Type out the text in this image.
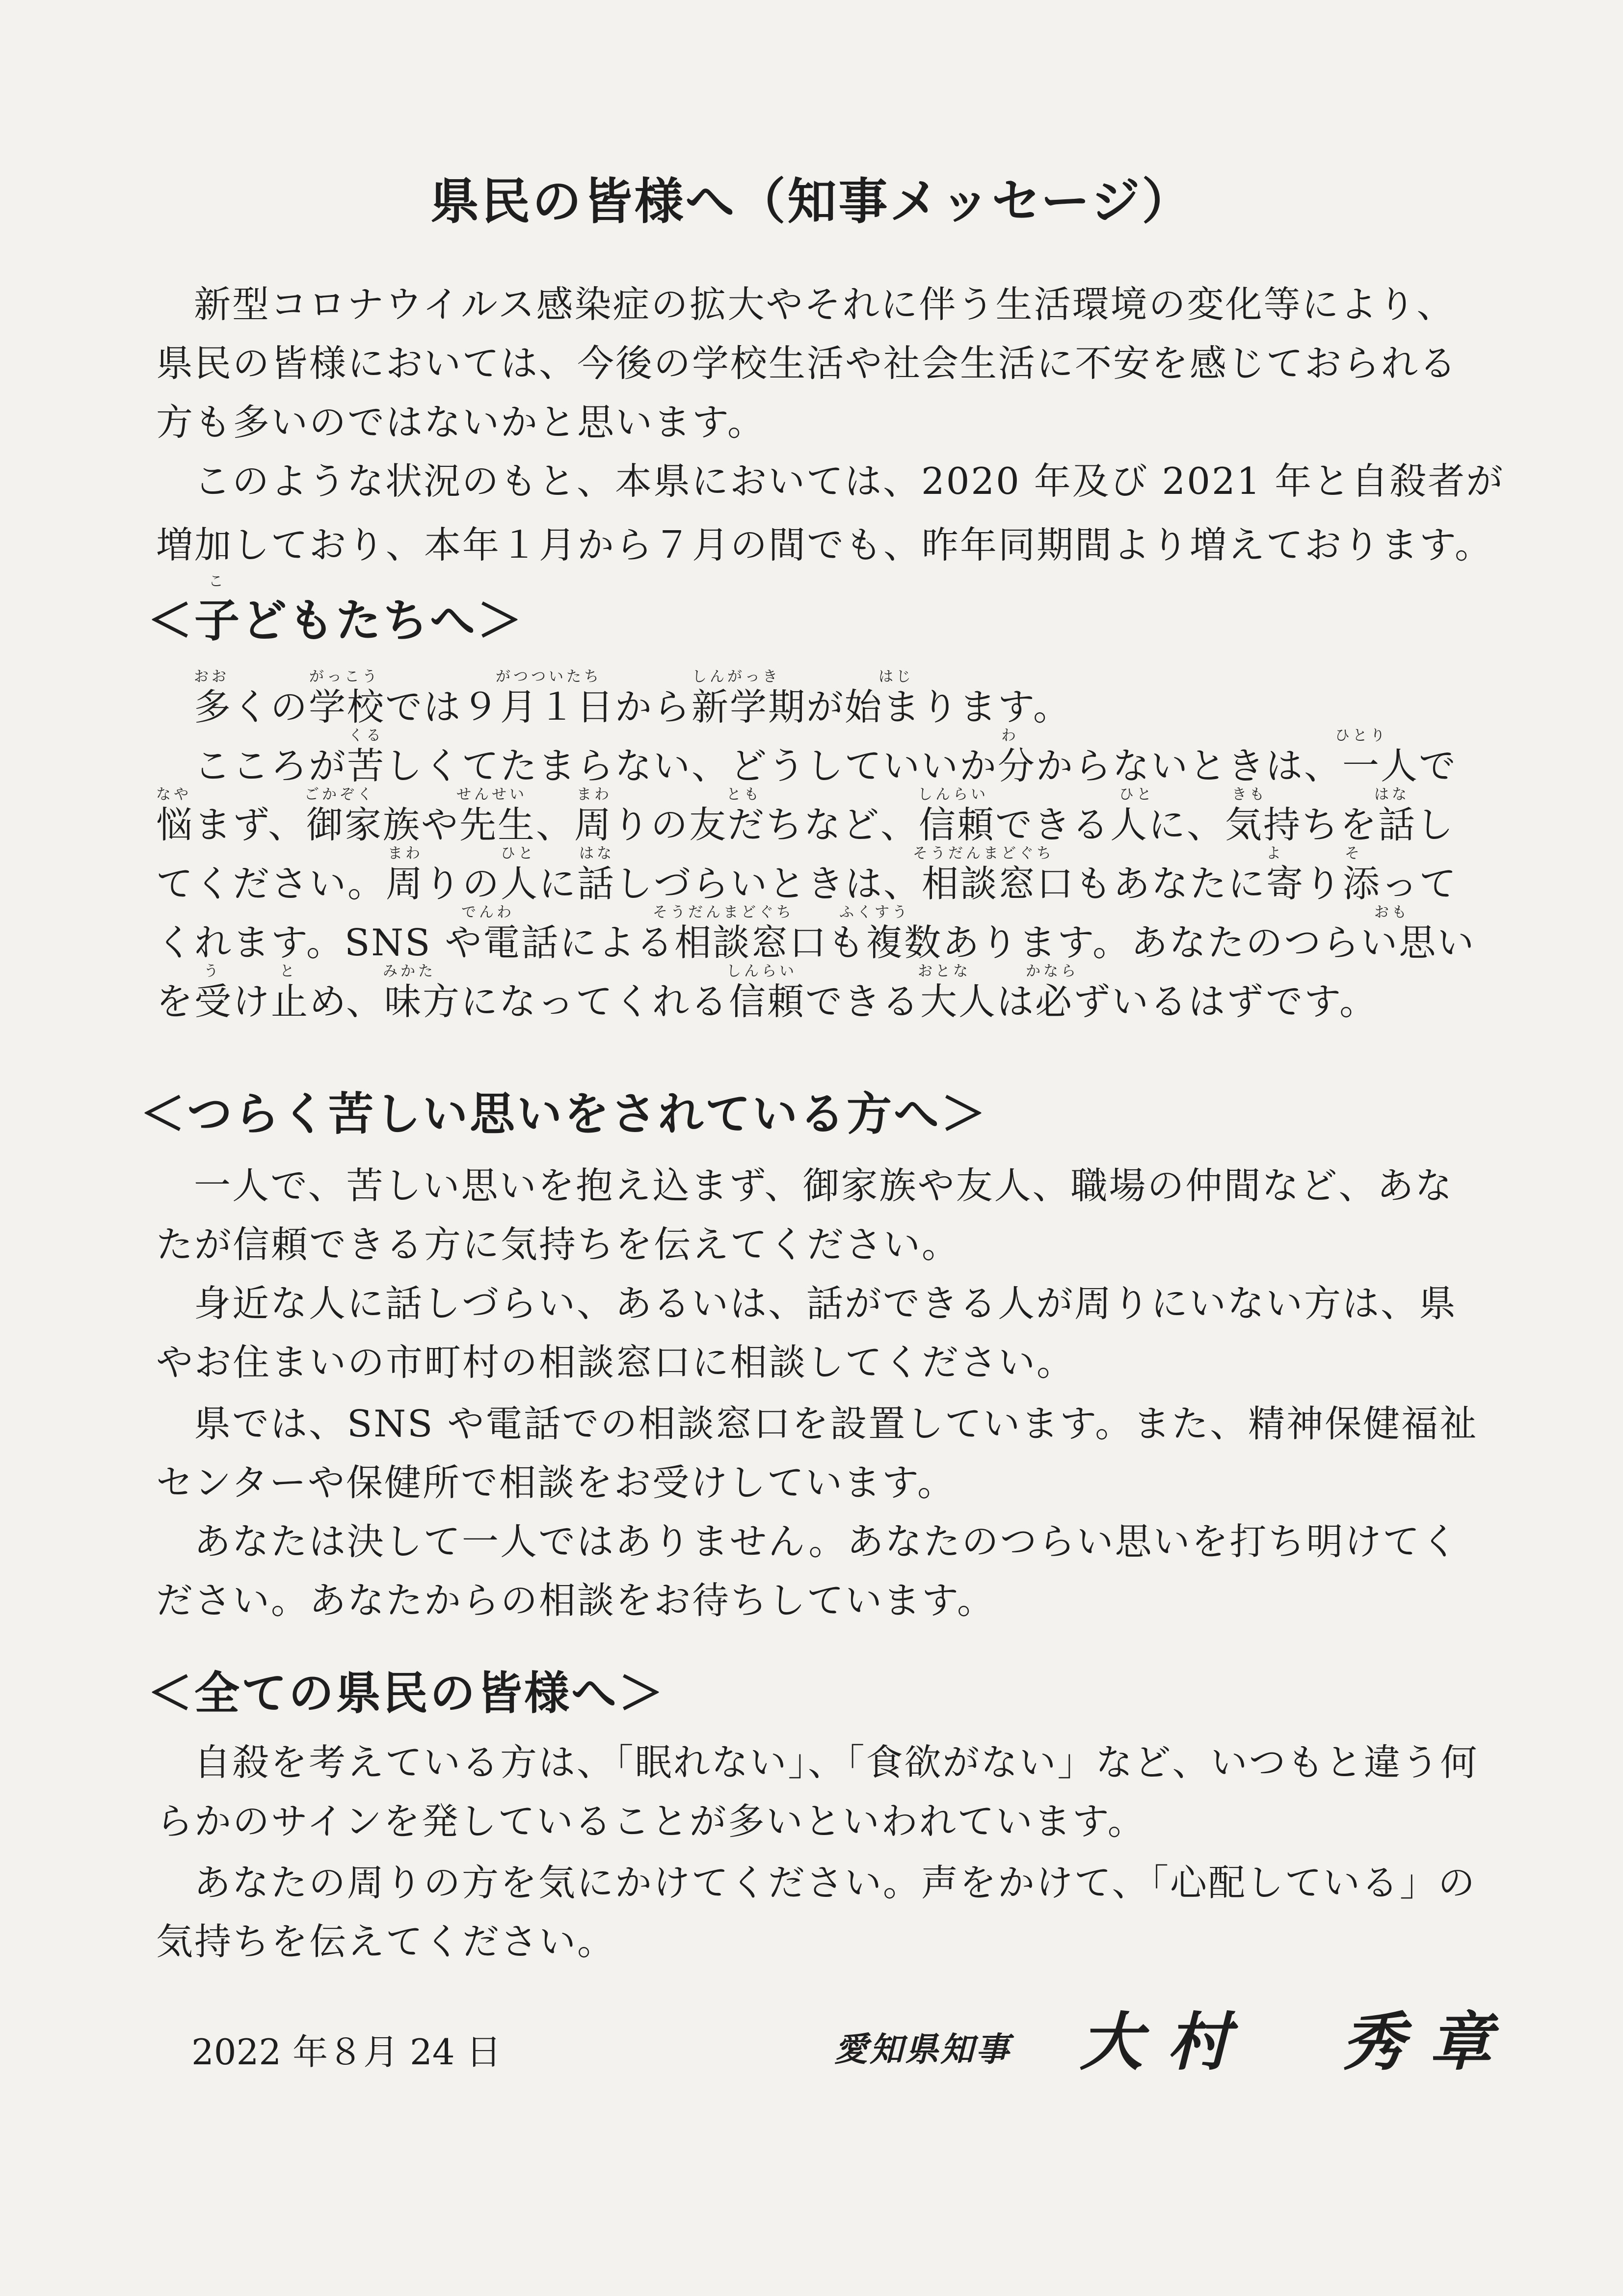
県民の皆様へ（知事メッセージ）
新型コロナウイルス感染症の拡大やそれに伴う生活環境の変化等により、
県民の皆様においては、今後の学校生活や社会生活に不安を感じておられる
方も多いのではないかと思います。
このような状況のもと、本県においては、2020 年及び 2021 年と自殺者が
増加しており、本年１月から７月の間でも、昨年同期間より増えております。
こ
＜子どもたちへ＞
おお	がっこう	がつついたち	しんがっき	はじ
多くの学校では９月１日から新学期が始まります。
くる	わ	ひとり
こころが苦しくてたまらない、どうしていいか分からないときは、一人で
なや	ごかぞく	せんせい	まわ	とも	しんらい	ひと	きも	はな
悩まず、御家族や先生、周りの友だちなど、信頼できる人に、気持ちを話し
まわ	ひと	はな	そうだんまどぐち	よ	そ
てください。周りの人に話しづらいときは、相談窓口もあなたに寄り添って
でんわ	そうだんまどぐち	ふくすう	おも
くれます。SNS や電話による相談窓口も複数あります。あなたのつらい思い
う	と	みかた	しんらい	おとな	かなら
を受け止め、味方になってくれる信頼できる大人は必ずいるはずです。
＜つらく苦しい思いをされている方へ＞
一人で、苦しい思いを抱え込まず、御家族や友人、職場の仲間など、あな
たが信頼できる方に気持ちを伝えてください。
身近な人に話しづらい、あるいは、話ができる人が周りにいない方は、県
やお住まいの市町村の相談窓口に相談してください。
県では、SNS や電話での相談窓口を設置しています。また、精神保健福祉
センターや保健所で相談をお受けしています。
あなたは決して一人ではありません。あなたのつらい思いを打ち明けてく
ださい。あなたからの相談をお待ちしています。
＜全ての県民の皆様へ＞
自殺を考えている方は、「眠れない」、「食欲がない」など、いつもと違う何
らかのサインを発していることが多いといわれています。
あなたの周りの方を気にかけてください。声をかけて、「心配している」の
気持ちを伝えてください。
2022 年８月 24 日	愛知県知事 大村　秀章
